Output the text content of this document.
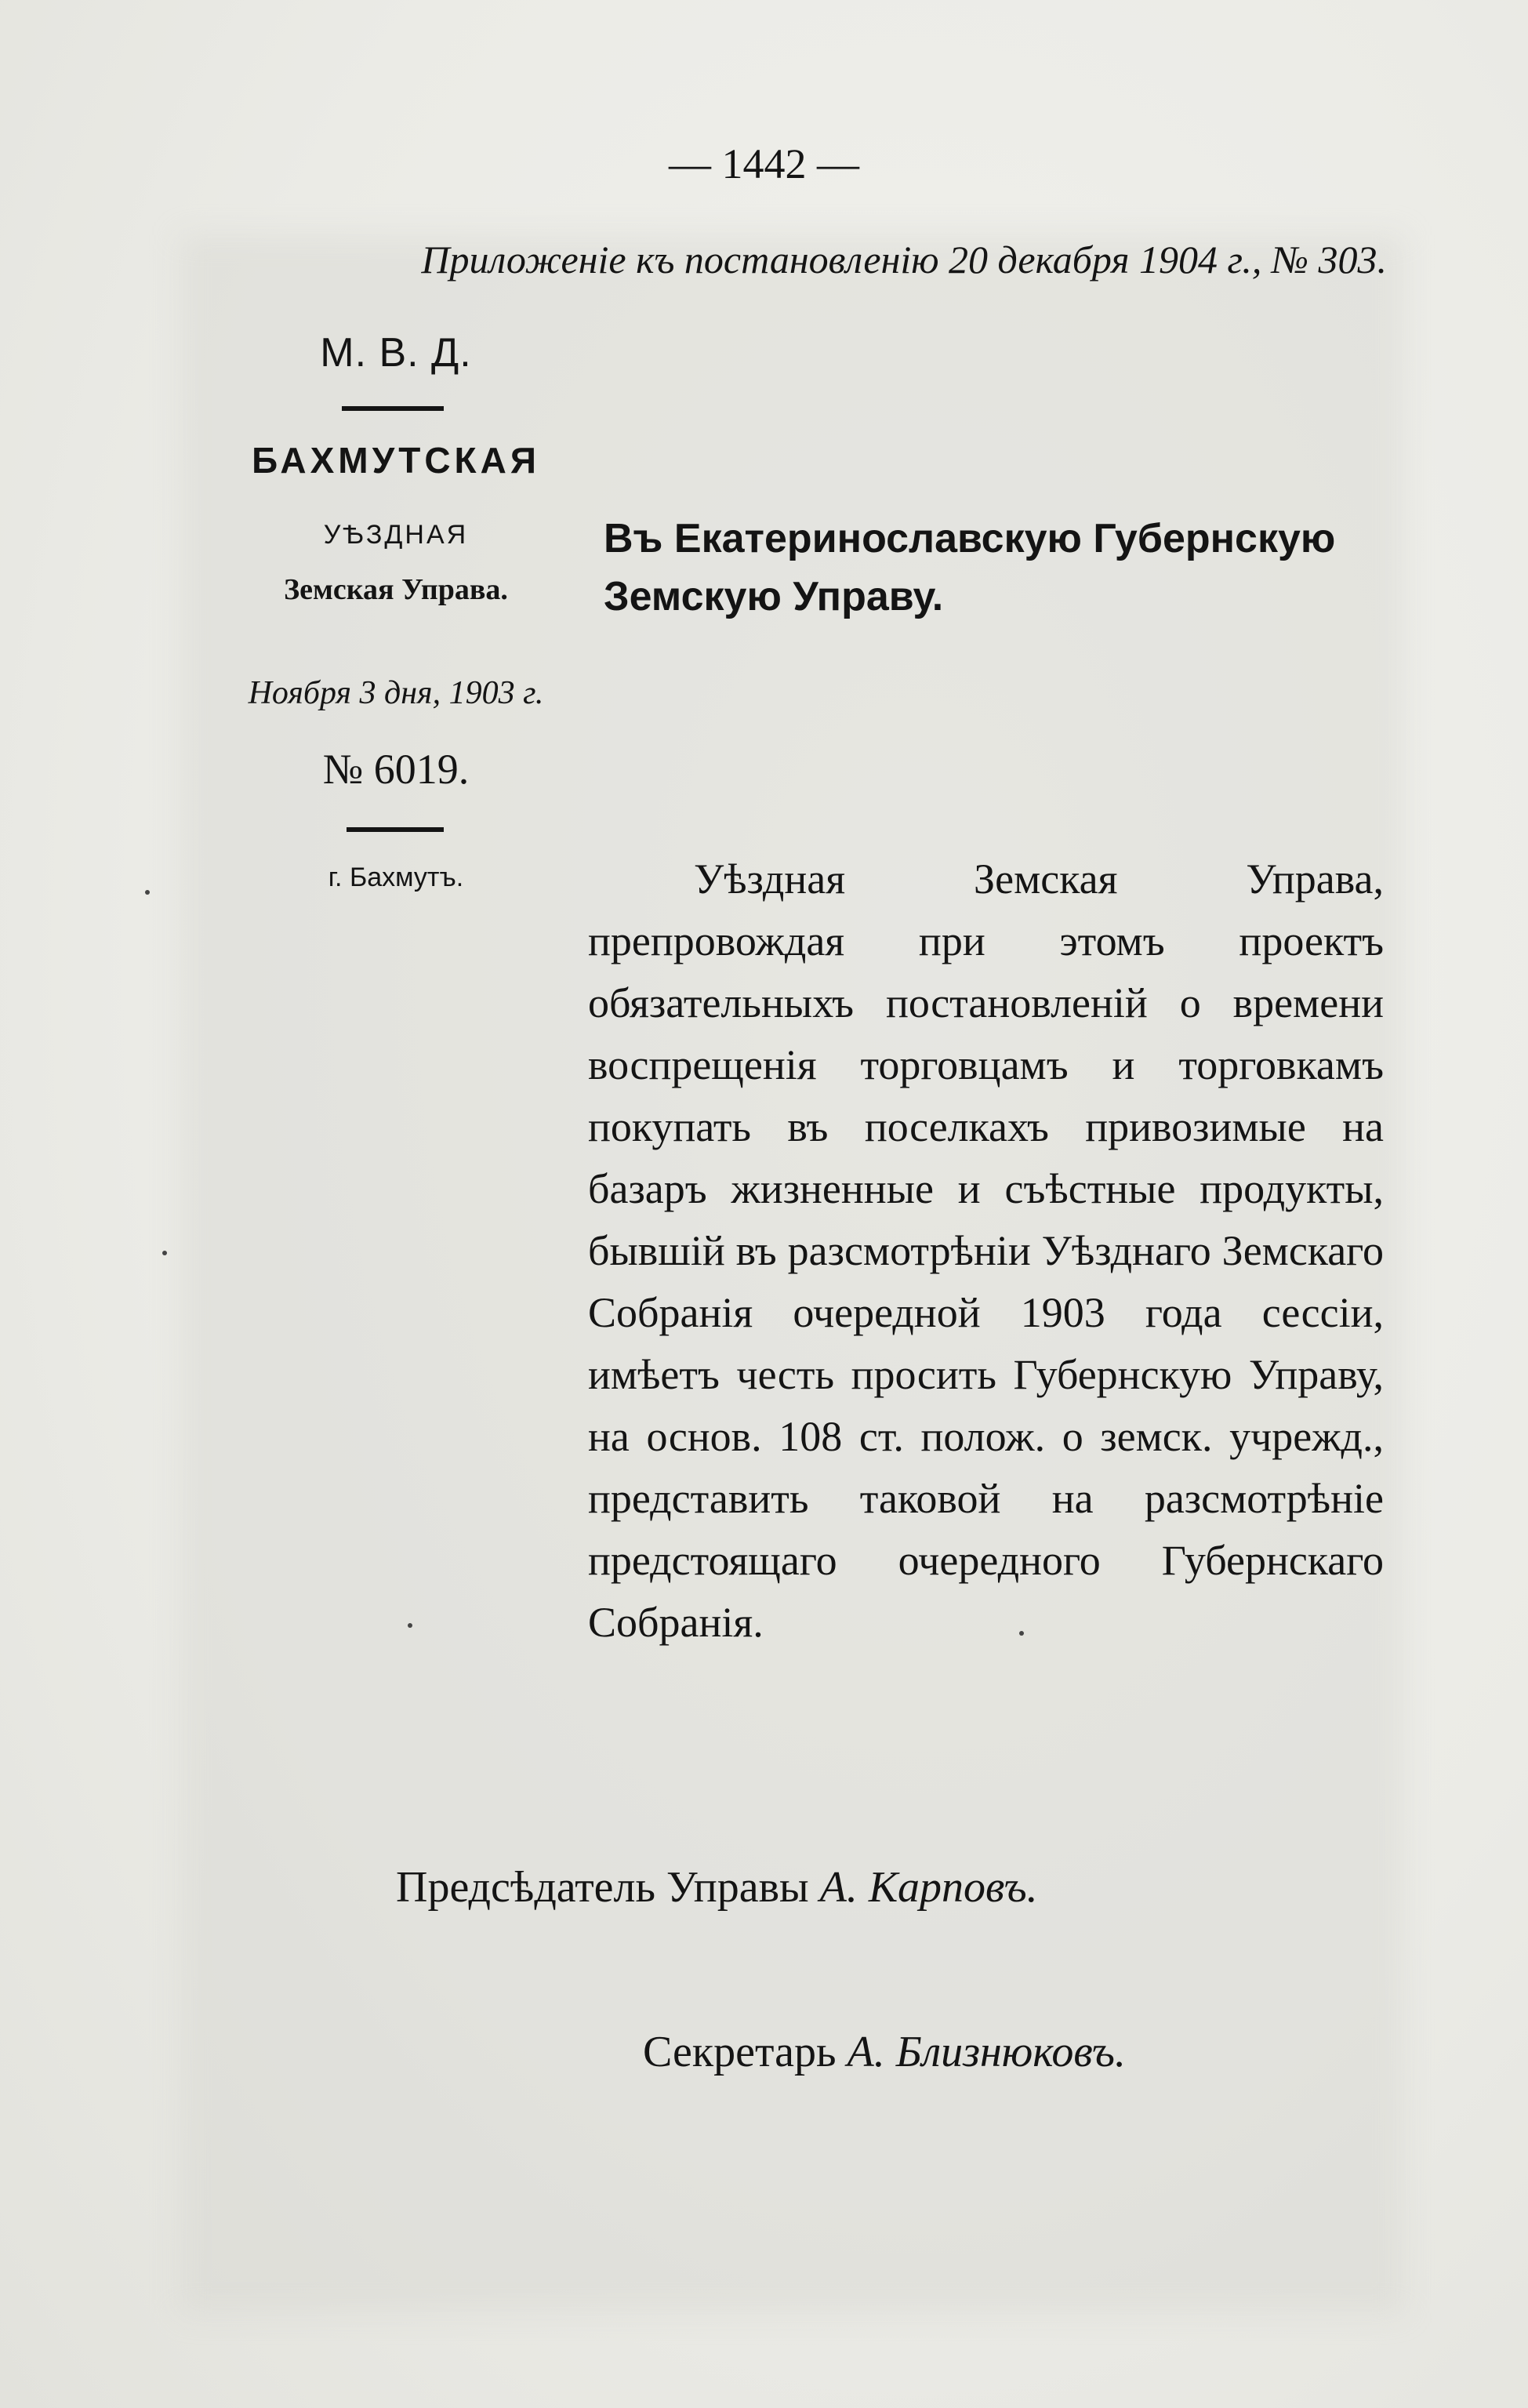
— 1442 —
Приложенiе къ постановленiю 20 декабря 1904 г., № 303.
М. В. Д.
БАХМУТСКАЯ
УѢЗДНАЯ
Земская Управа.
Ноября 3 дня, 1903 г.
№ 6019.
г. Бахмутъ.
Въ Екатеринославскую Губернскую Земскую Управу.
Уѣздная Земская Управа, препровождая при этомъ проектъ обязательныхъ постановленiй о времени воспрещенiя торговцамъ и торговкамъ покупать въ поселкахъ привозимые на базаръ жизненные и съѣстные продукты, бывшiй въ разсмотрѣнiи Уѣзднаго Земскаго Собранiя очередной 1903 года сессiи, имѣетъ честь просить Губернскую Управу, на основ. 108 ст. полож. о земск. учрежд., представить таковой на разсмотрѣнiе предстоящаго очередного Губернскаго Собранiя.
Предсѣдатель Управы А. Карповъ.
Секретарь А. Близнюковъ.
